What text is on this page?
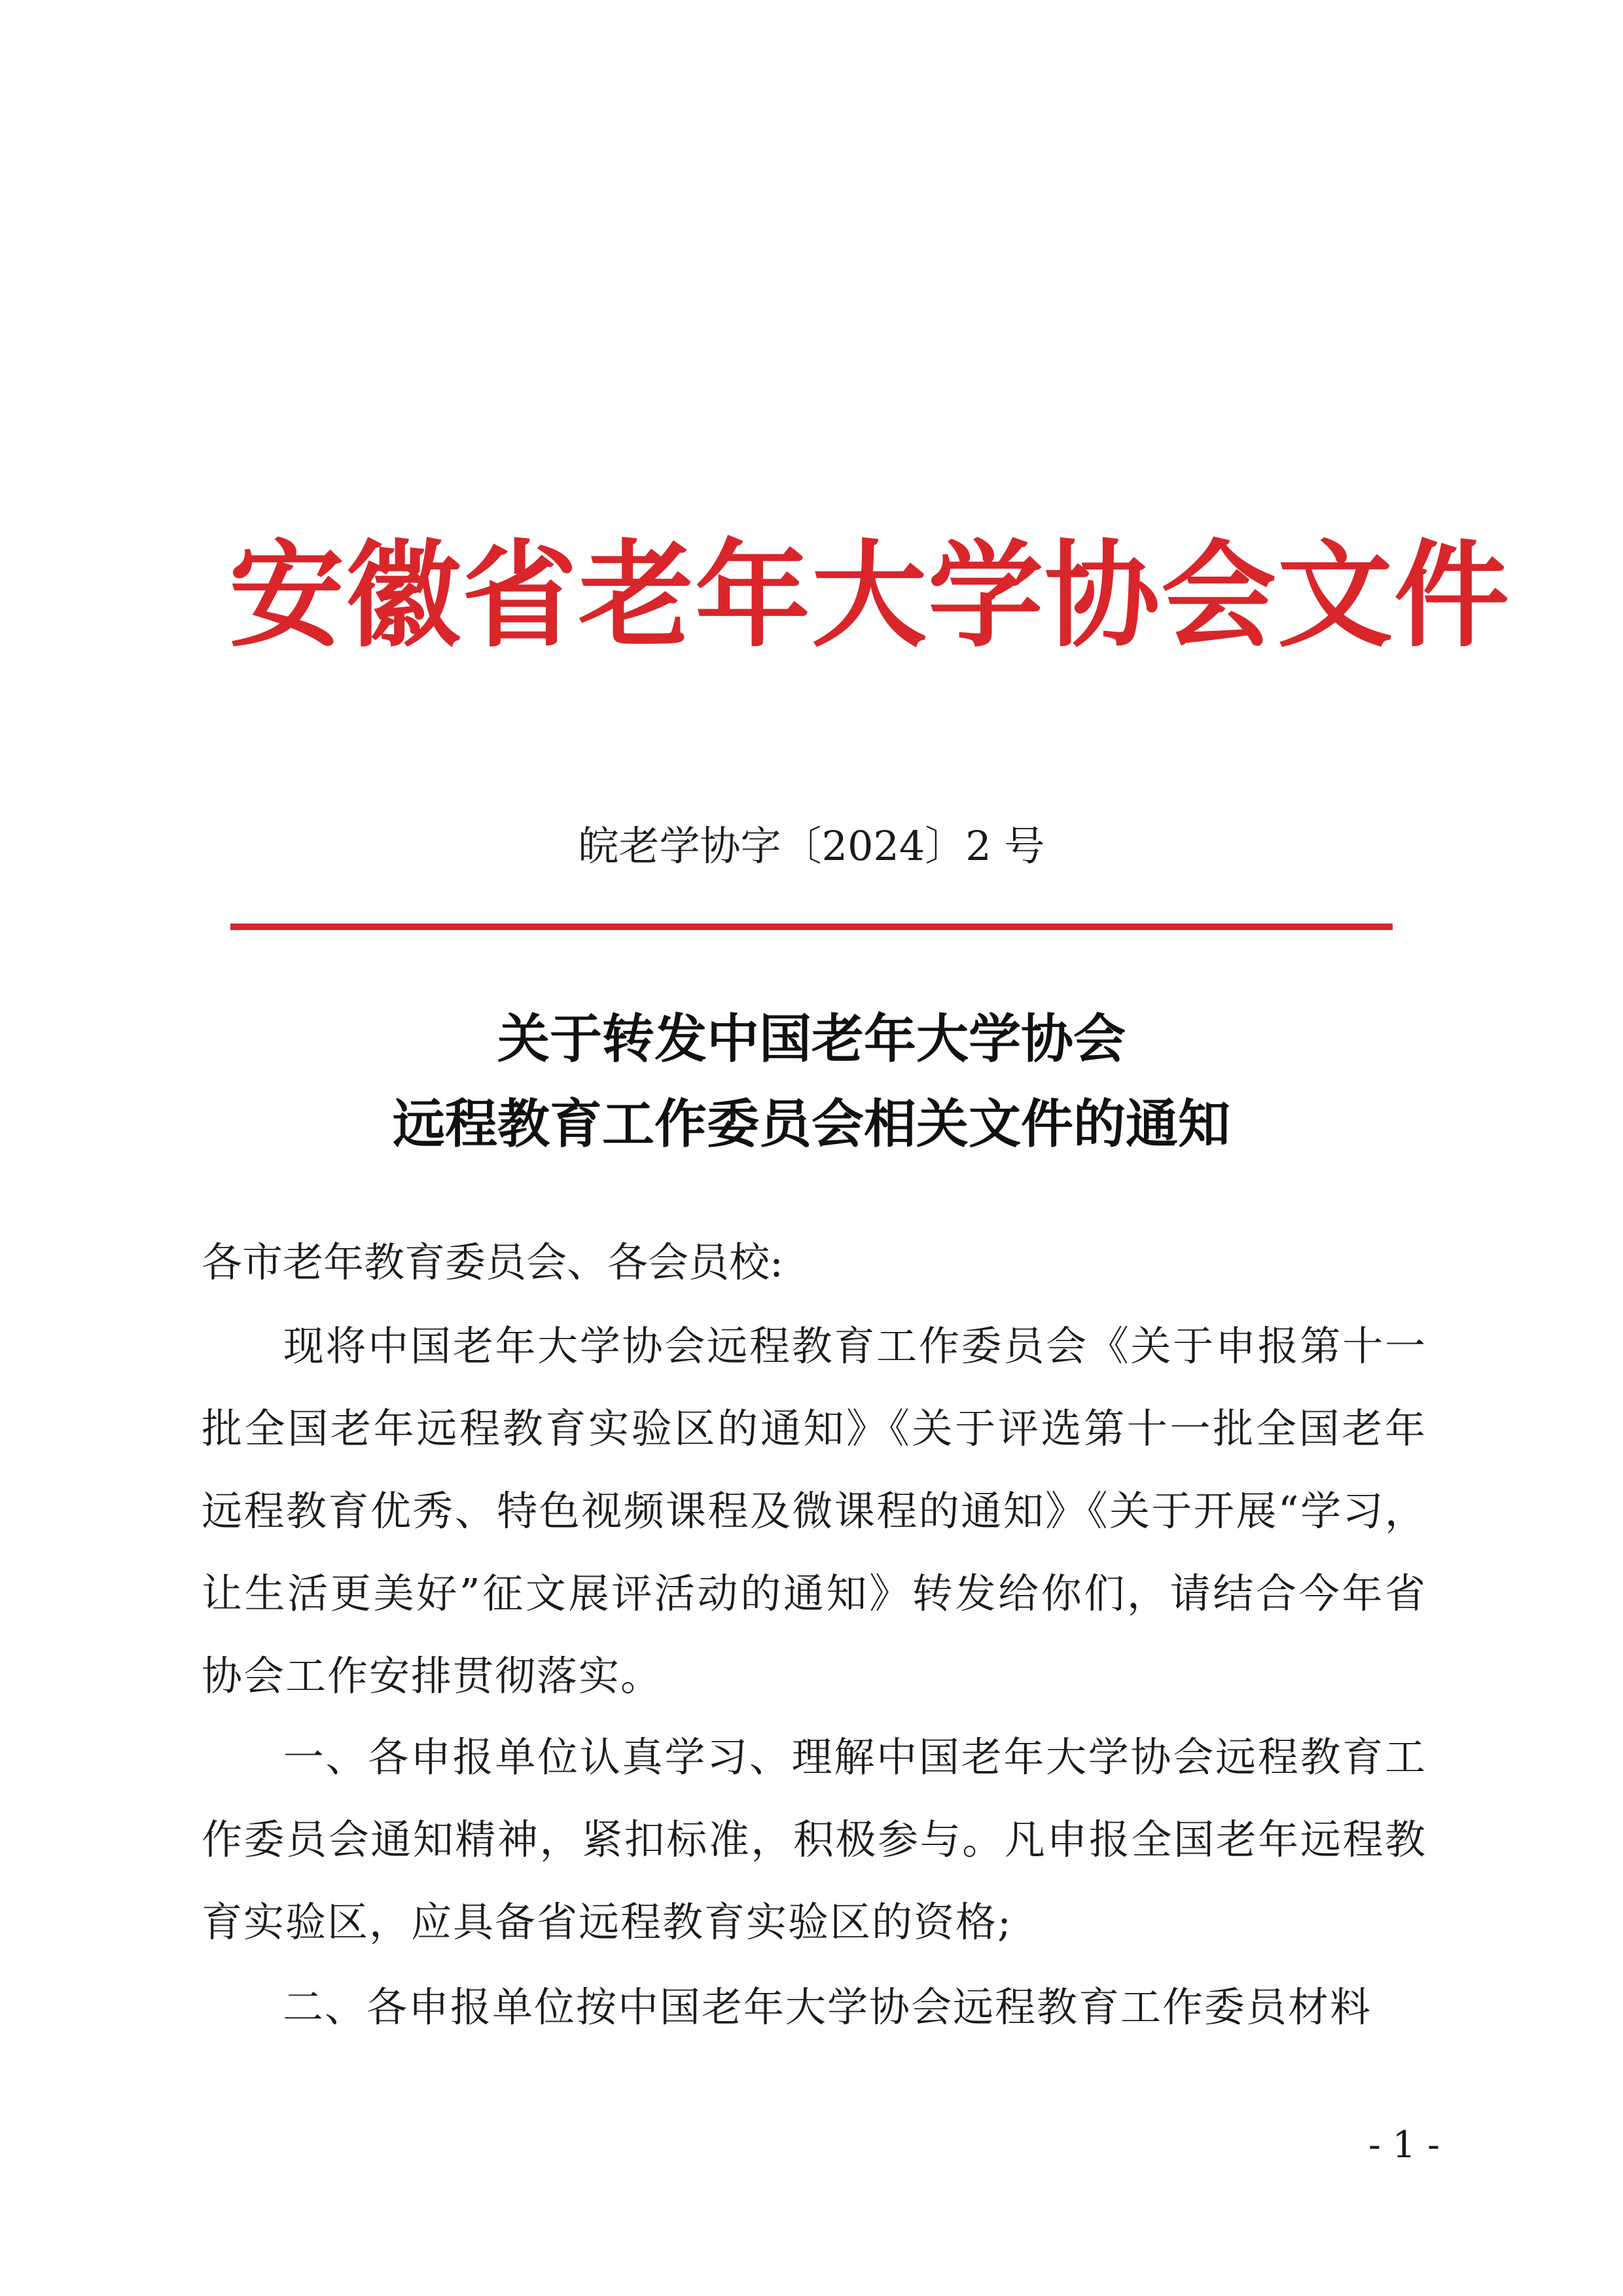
安徽省老年大学协会文件
皖老学协字〔2024〕2 号
关于转发中国老年大学协会
远程教育工作委员会相关文件的通知
各市老年教育委员会、各会员校:
现将中国老年大学协会远程教育工作委员会《关于申报第十一批全国老年远程教育实验区的通知》《关于评选第十一批全国老年远程教育优秀、特色视频课程及微课程的通知》《关于开展“学习，让生活更美好”征文展评活动的通知》转发给你们，请结合今年省协会工作安排贯彻落实。
一、各申报单位认真学习、理解中国老年大学协会远程教育工作委员会通知精神，紧扣标准，积极参与。凡申报全国老年远程教育实验区，应具备省远程教育实验区的资格;
二、各申报单位按中国老年大学协会远程教育工作委员材料
- 1 -
